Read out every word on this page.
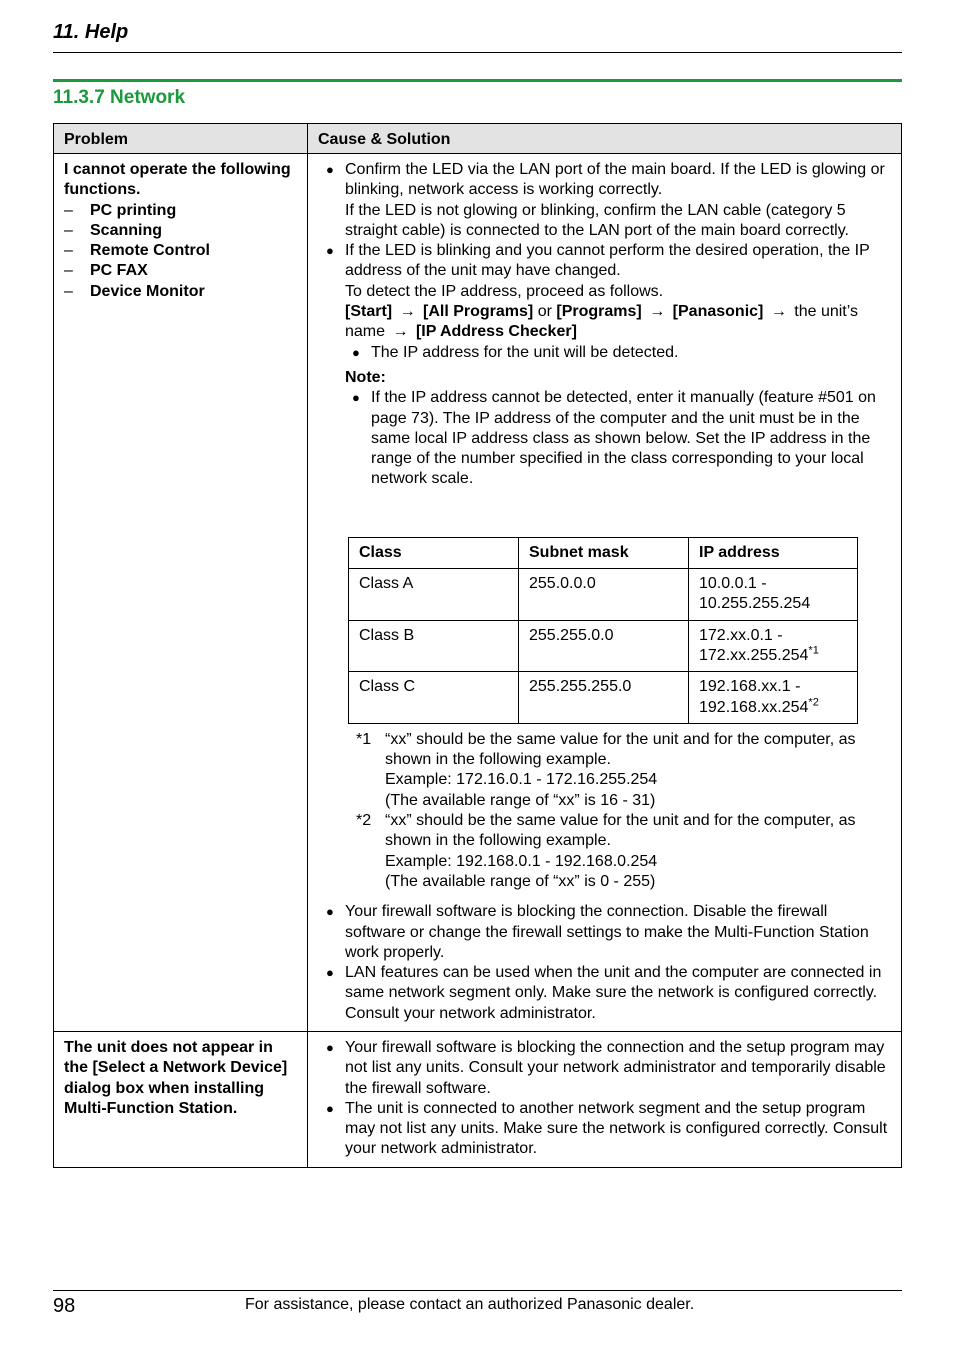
11. Help
11.3.7 Network
Problem	Cause & Solution

I cannot operate the following functions.
– PC printing
– Scanning
– Remote Control
– PC FAX
– Device Monitor

● Confirm the LED via the LAN port of the main board. If the LED is glowing or blinking, network access is working correctly.
If the LED is not glowing or blinking, confirm the LAN cable (category 5 straight cable) is connected to the LAN port of the main board correctly.
● If the LED is blinking and you cannot perform the desired operation, the IP address of the unit may have changed.
To detect the IP address, proceed as follows.
[Start] → [All Programs] or [Programs] → [Panasonic] → the unit’s name → [IP Address Checker]
● The IP address for the unit will be detected.
Note:
● If the IP address cannot be detected, enter it manually (feature #501 on page 73). The IP address of the computer and the unit must be in the same local IP address class as shown below. Set the IP address in the range of the number specified in the class corresponding to your local network scale.
Class	Subnet mask	IP address
Class A	255.0.0.0	10.0.0.1 -
10.255.255.254

Class B	255.255.0.0	172.xx.0.1 -
172.xx.255.254$^{*1}$

Class C	255.255.255.0	192.168.xx.1 -
192.168.xx.254$^{*2}$
*1 “xx” should be the same value for the unit and for the computer, as shown in the following example.
Example: 172.16.0.1 - 172.16.255.254
(The available range of “xx” is 16 - 31)
*2 “xx” should be the same value for the unit and for the computer, as shown in the following example.
Example: 192.168.0.1 - 192.168.0.254
(The available range of “xx” is 0 - 255)
● Your firewall software is blocking the connection. Disable the firewall software or change the firewall settings to make the Multi-Function Station work properly.
● LAN features can be used when the unit and the computer are connected in same network segment only. Make sure the network is configured correctly. Consult your network administrator.

The unit does not appear in the [Select a Network Device] dialog box when installing Multi-Function Station.	
● Your firewall software is blocking the connection and the setup program may not list any units. Consult your network administrator and temporarily disable the firewall software.
● The unit is connected to another network segment and the setup program may not list any units. Make sure the network is configured correctly. Consult your network administrator.
98	For assistance, please contact an authorized Panasonic dealer.
